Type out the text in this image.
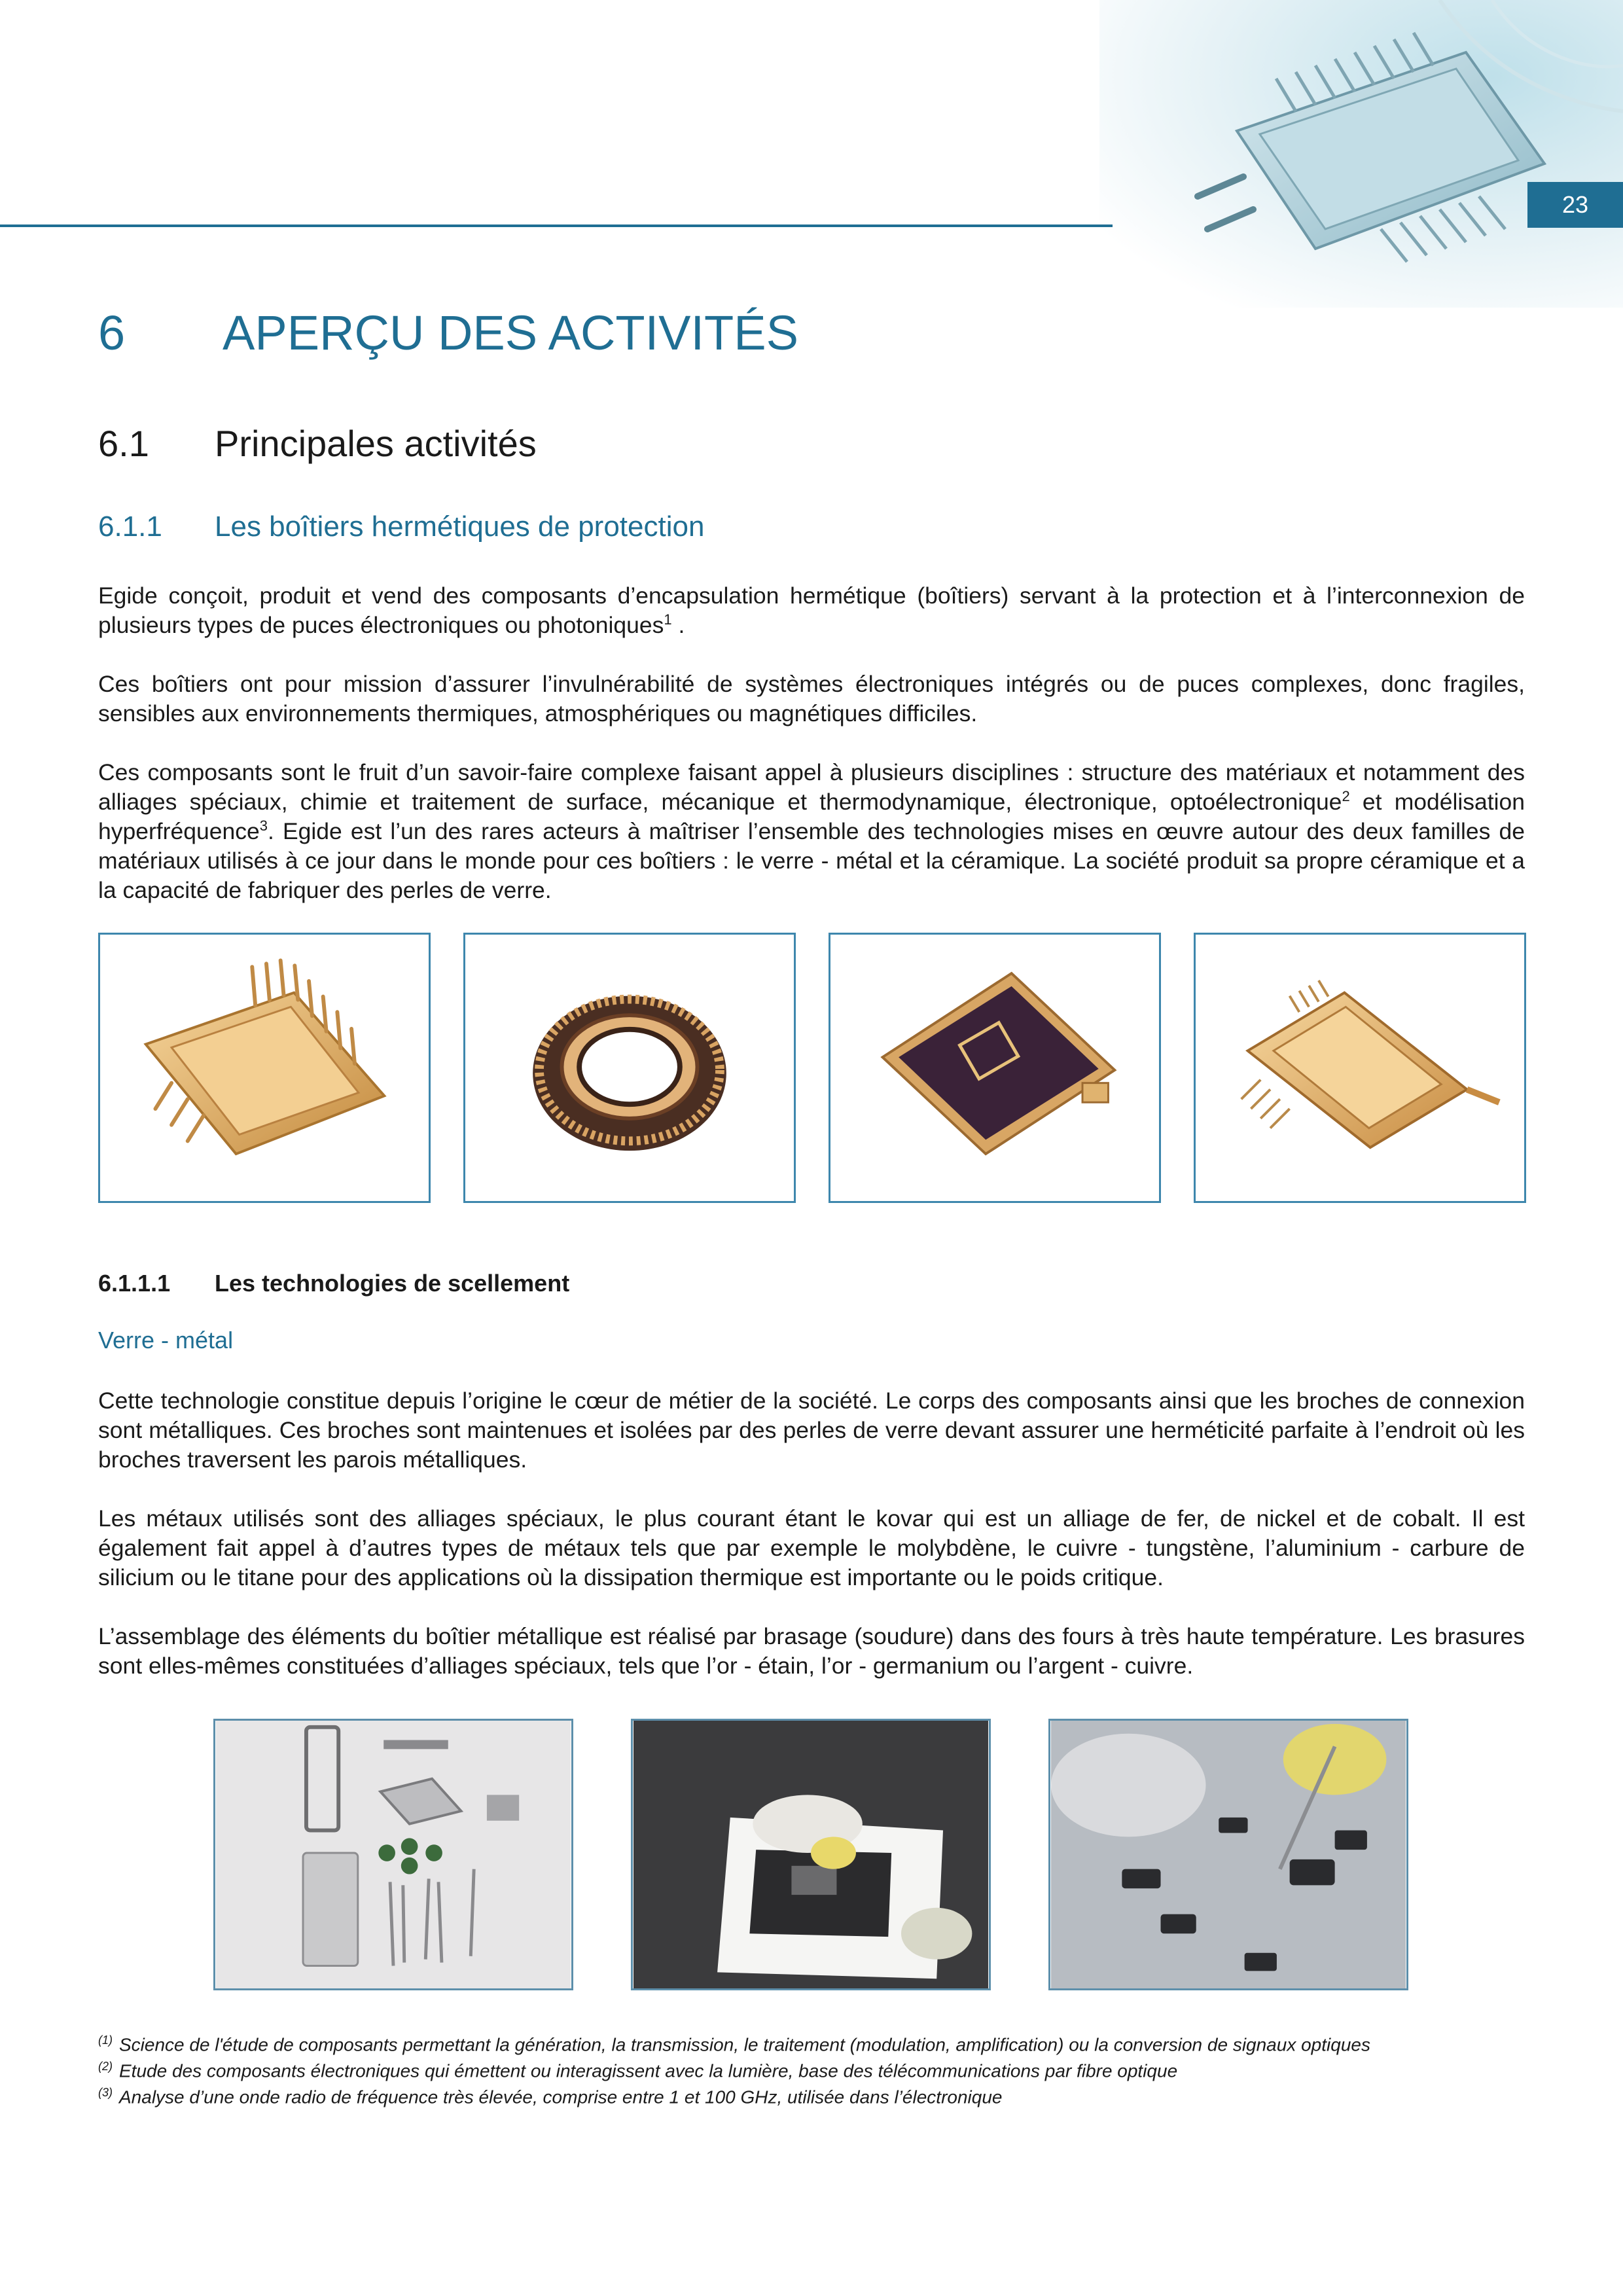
23
6 APERÇU DES ACTIVITÉS
6.1 Principales activités
6.1.1 Les boîtiers hermétiques de protection
Egide conçoit, produit et vend des composants d’encapsulation hermétique (boîtiers) servant à la protection et à l’interconnexion de plusieurs types de puces électroniques ou photoniques$^1$ .
Ces boîtiers ont pour mission d’assurer l’invulnérabilité de systèmes électroniques intégrés ou de puces complexes, donc fragiles, sensibles aux environnements thermiques, atmosphériques ou magnétiques difficiles.
Ces composants sont le fruit d’un savoir-faire complexe faisant appel à plusieurs disciplines : structure des matériaux et notamment des alliages spéciaux, chimie et traitement de surface, mécanique et thermodynamique, électronique, optoélectronique$^2$ et modélisation hyperfréquence$^3$. Egide est l’un des rares acteurs à maîtriser l’ensemble des technologies mises en œuvre autour des deux familles de matériaux utilisés à ce jour dans le monde pour ces boîtiers : le verre - métal et la céramique. La société produit sa propre céramique et a la capacité de fabriquer des perles de verre.
6.1.1.1 Les technologies de scellement
Verre - métal
Cette technologie constitue depuis l’origine le cœur de métier de la société. Le corps des composants ainsi que les broches de connexion sont métalliques. Ces broches sont maintenues et isolées par des perles de verre devant assurer une herméticité parfaite à l’endroit où les broches traversent les parois métalliques.
Les métaux utilisés sont des alliages spéciaux, le plus courant étant le kovar qui est un alliage de fer, de nickel et de cobalt. Il est également fait appel à d’autres types de métaux tels que par exemple le molybdène, le cuivre - tungstène, l’aluminium - carbure de silicium ou le titane pour des applications où la dissipation thermique est importante ou le poids critique.
L’assemblage des éléments du boîtier métallique est réalisé par brasage (soudure) dans des fours à très haute température. Les brasures sont elles-mêmes constituées d’alliages spéciaux, tels que l’or - étain, l’or - germanium ou l’argent - cuivre.
$^{(1)}$ Science de l'étude de composants permettant la génération, la transmission, le traitement (modulation, amplification) ou la conversion de signaux optiques
$^{(2)}$ Etude des composants électroniques qui émettent ou interagissent avec la lumière, base des télécommunications par fibre optique
$^{(3)}$ Analyse d’une onde radio de fréquence très élevée, comprise entre 1 et 100 GHz, utilisée dans l’électronique
